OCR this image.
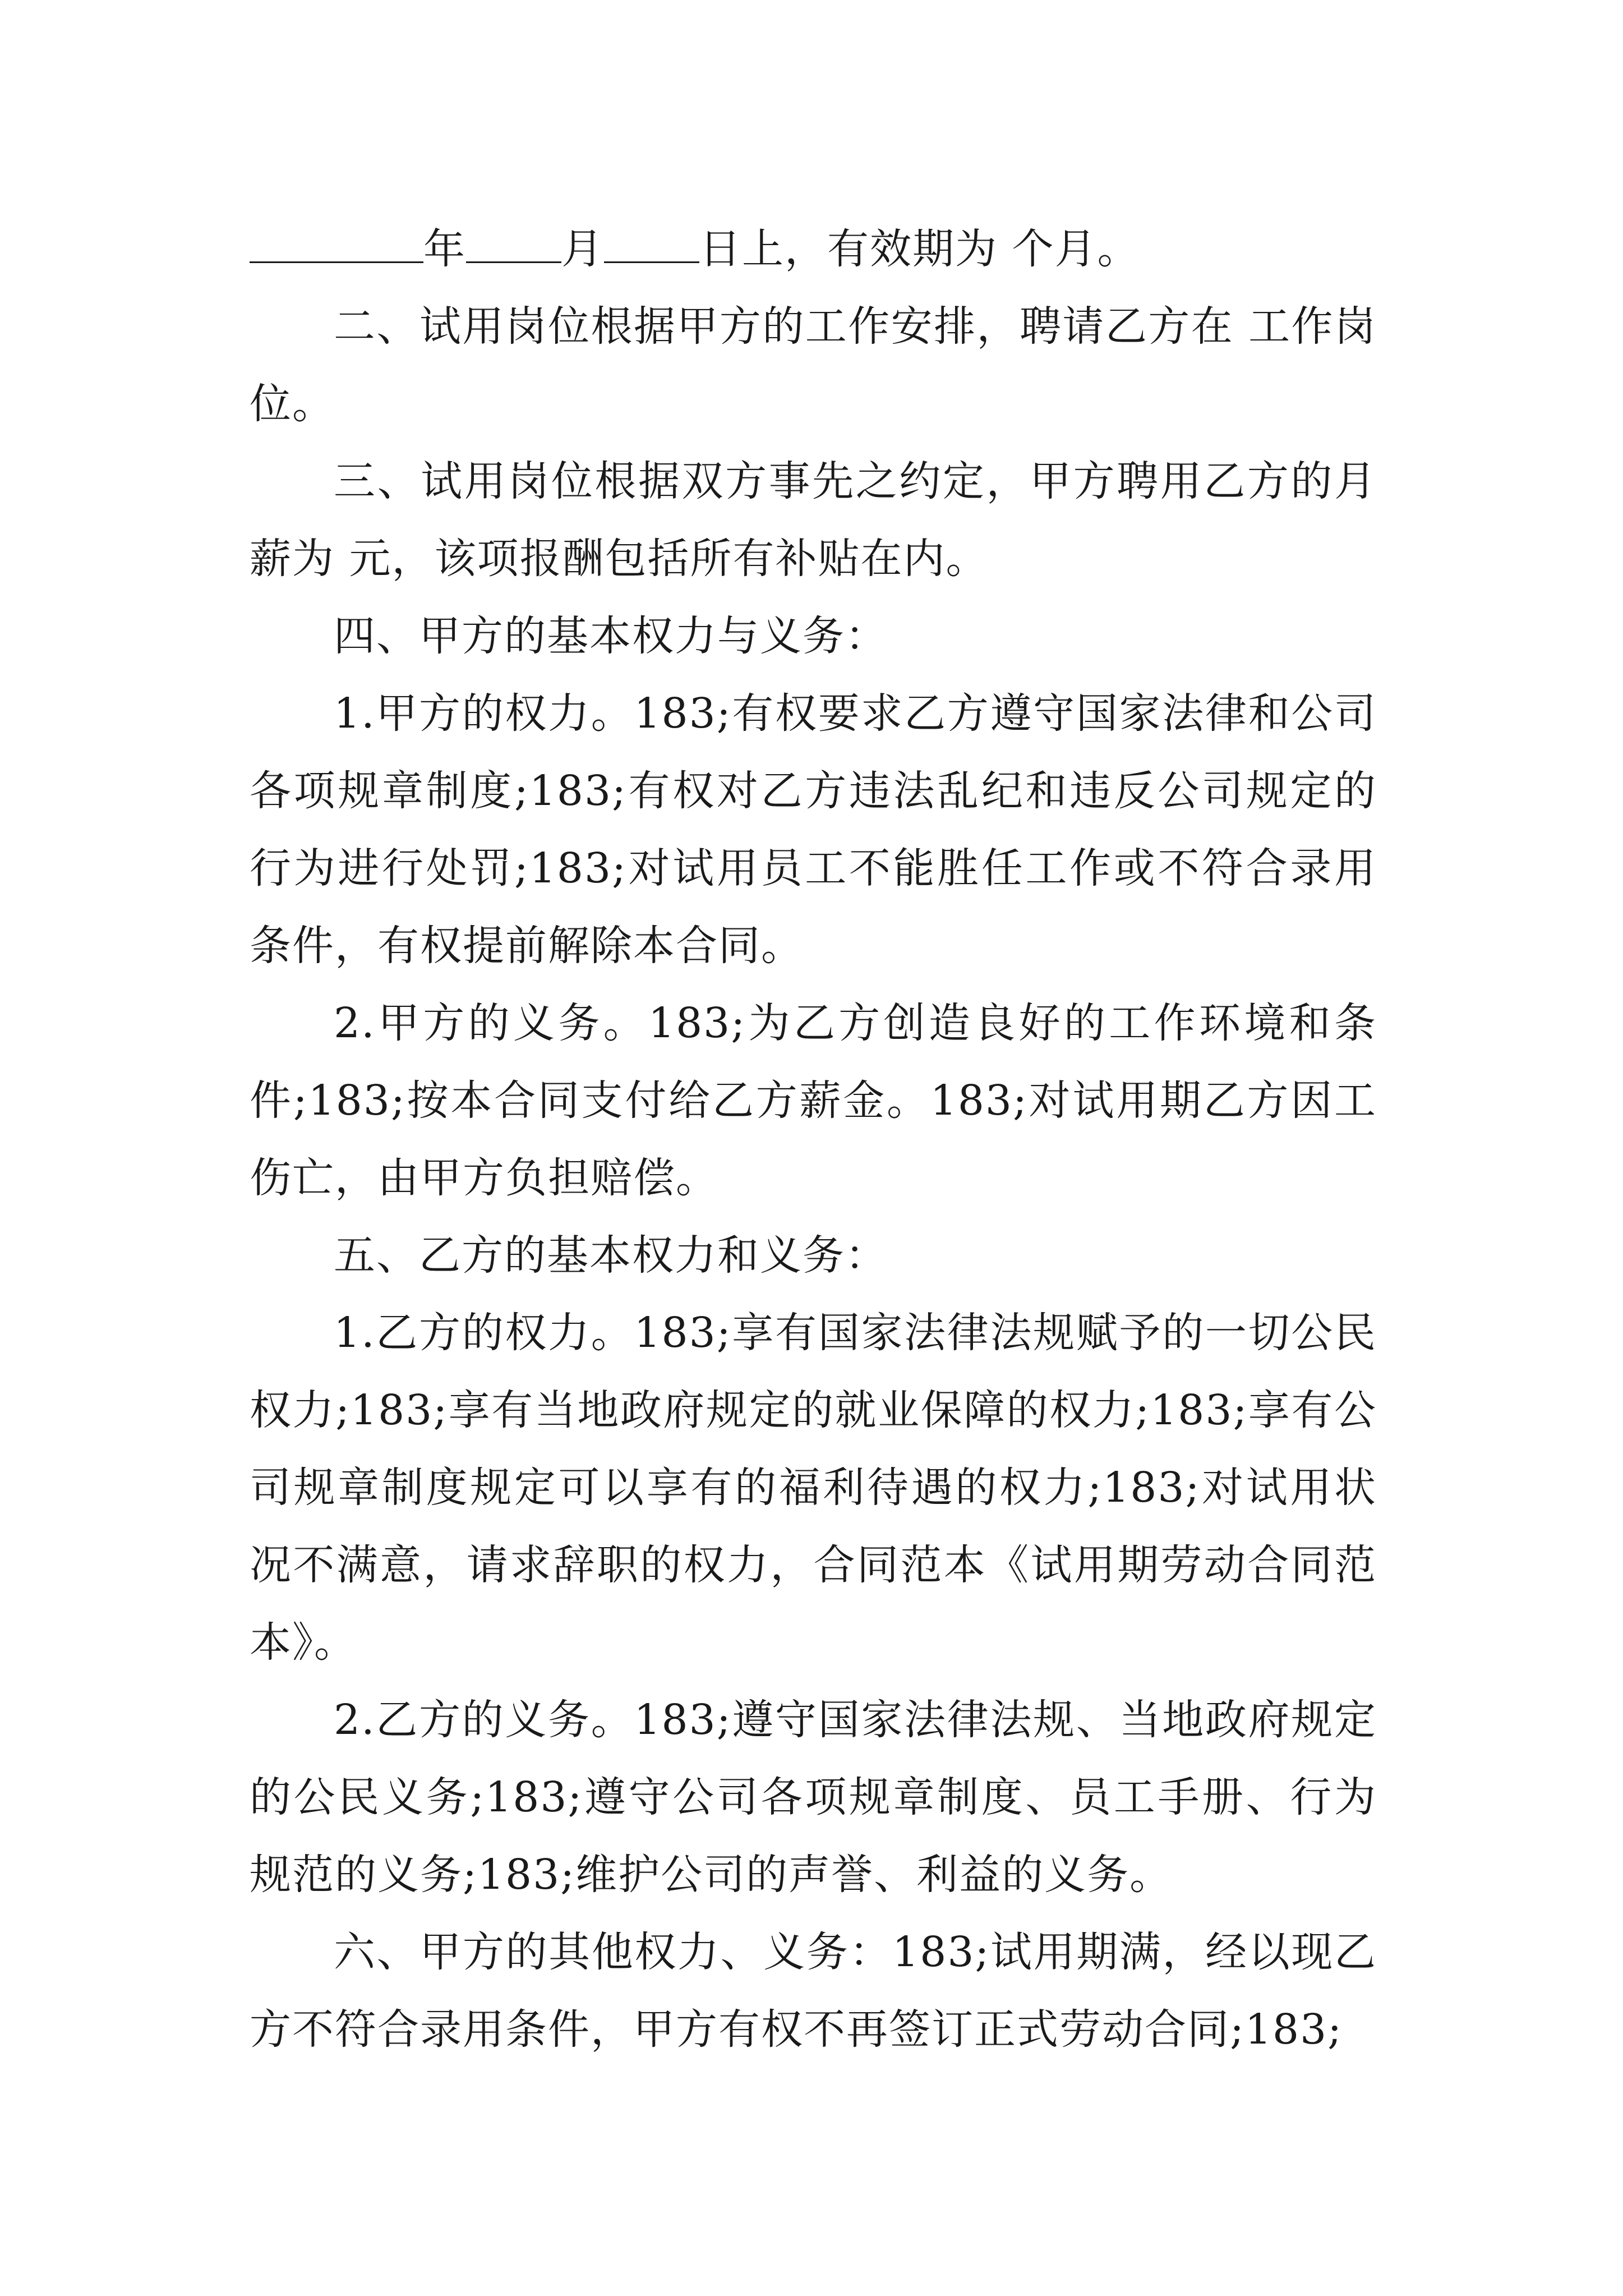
年 月 日上，有效期为 个月。

二、试用岗位根据甲方的工作安排，聘请乙方在 工作岗位。

三、试用岗位根据双方事先之约定，甲方聘用乙方的月薪为 元，该项报酬包括所有补贴在内。

四、甲方的基本权力与义务：

1.甲方的权力。183;有权要求乙方遵守国家法律和公司各项规章制度;183;有权对乙方违法乱纪和违反公司规定的行为进行处罚;183;对试用员工不能胜任工作或不符合录用条件，有权提前解除本合同。

2.甲方的义务。183;为乙方创造良好的工作环境和条件;183;按本合同支付给乙方薪金。183;对试用期乙方因工伤亡，由甲方负担赔偿。

五、乙方的基本权力和义务：

1.乙方的权力。183;享有国家法律法规赋予的一切公民权力;183;享有当地政府规定的就业保障的权力;183;享有公司规章制度规定可以享有的福利待遇的权力;183;对试用状况不满意，请求辞职的权力，合同范本《试用期劳动合同范本》。

2.乙方的义务。183;遵守国家法律法规、当地政府规定的公民义务;183;遵守公司各项规章制度、员工手册、行为规范的义务;183;维护公司的声誉、利益的义务。

六、甲方的其他权力、义务：183;试用期满，经以现乙方不符合录用条件，甲方有权不再签订正式劳动合同;183;
